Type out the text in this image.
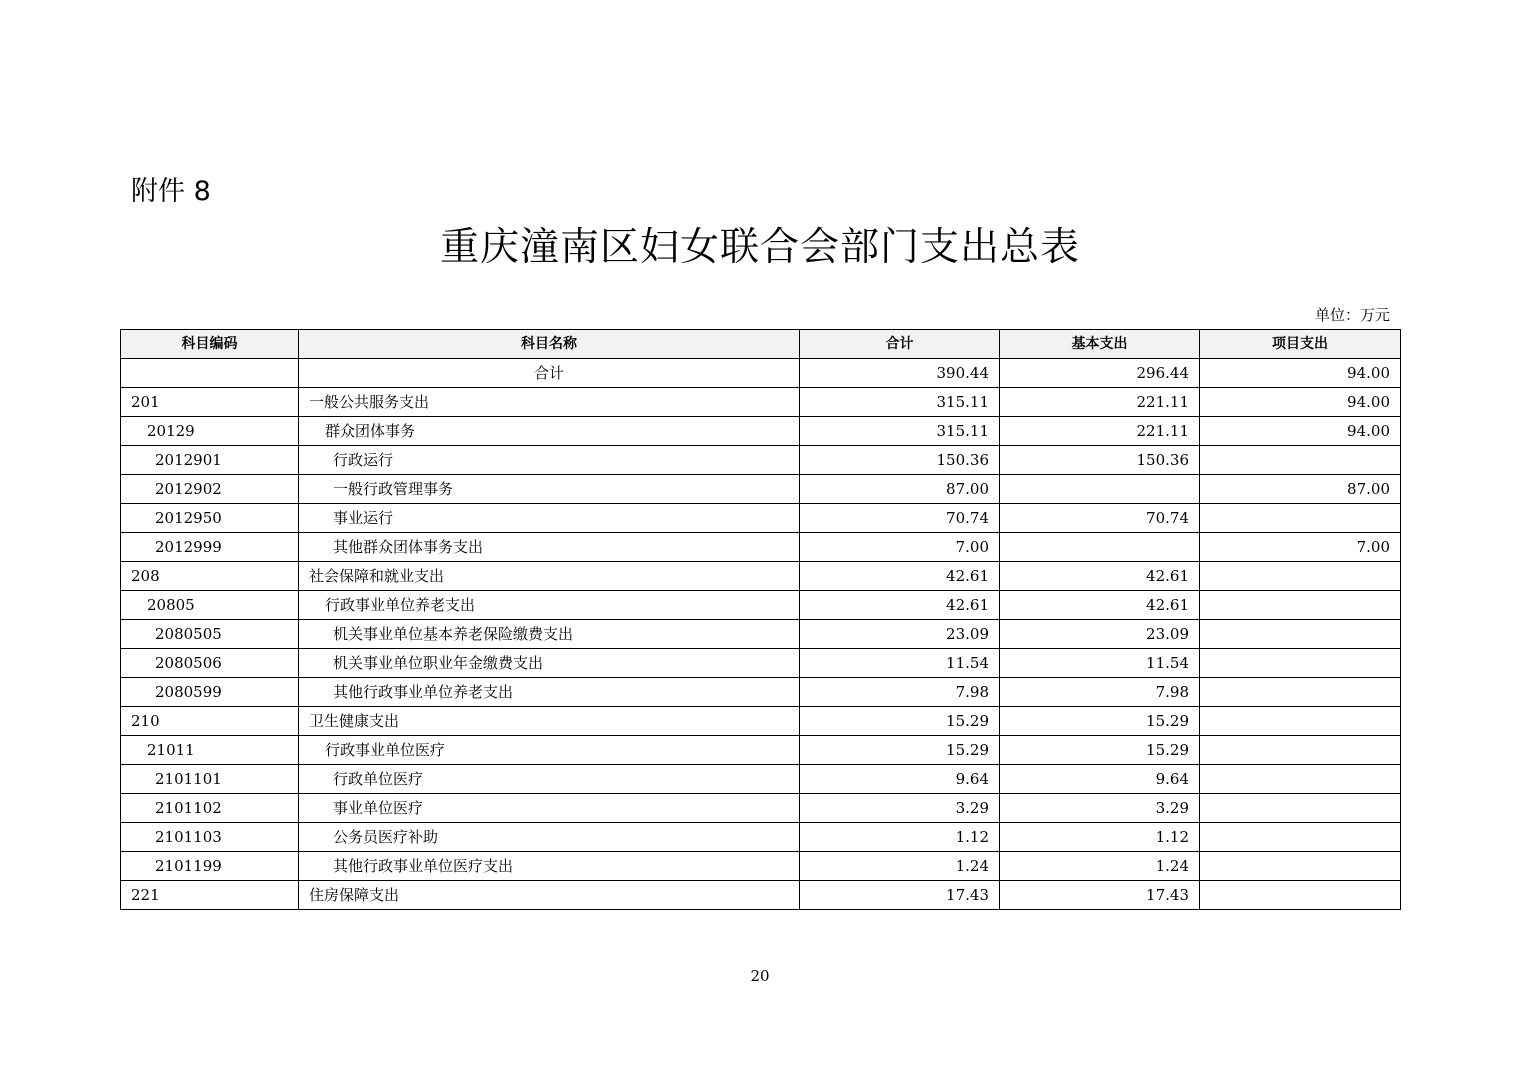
附件 8
重庆潼南区妇女联合会部门支出总表
单位：万元
科目编码	科目名称	合计	基本支出	项目支出
	合计	390.44	296.44	94.00
201	一般公共服务支出	315.11	221.11	94.00
20129	群众团体事务	315.11	221.11	94.00
2012901	行政运行	150.36	150.36	
2012902	一般行政管理事务	87.00		87.00
2012950	事业运行	70.74	70.74	
2012999	其他群众团体事务支出	7.00		7.00
208	社会保障和就业支出	42.61	42.61	
20805	行政事业单位养老支出	42.61	42.61	
2080505	机关事业单位基本养老保险缴费支出	23.09	23.09	
2080506	机关事业单位职业年金缴费支出	11.54	11.54	
2080599	其他行政事业单位养老支出	7.98	7.98	
210	卫生健康支出	15.29	15.29	
21011	行政事业单位医疗	15.29	15.29	
2101101	行政单位医疗	9.64	9.64	
2101102	事业单位医疗	3.29	3.29	
2101103	公务员医疗补助	1.12	1.12	
2101199	其他行政事业单位医疗支出	1.24	1.24	
221	住房保障支出	17.43	17.43	
20
